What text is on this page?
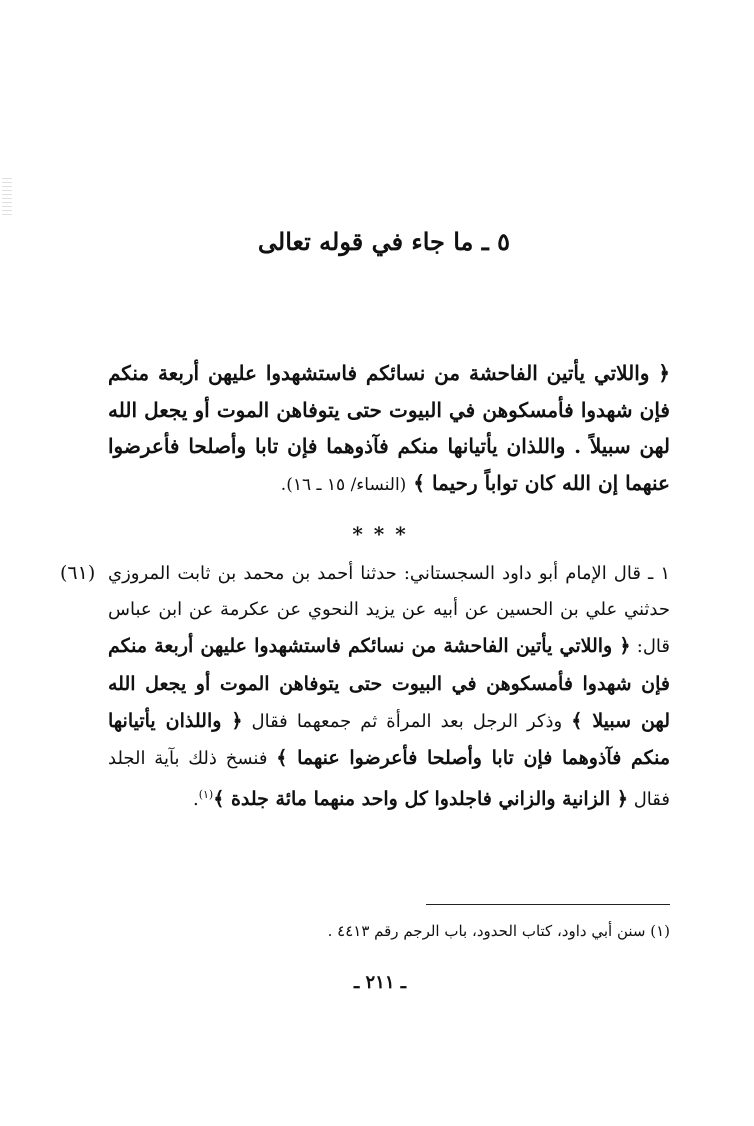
٥ ـ ما جاء في قوله تعالى
﴿ واللاتي يأتين الفاحشة من نسائكم فاستشهدوا عليهن أربعة منكم فإن شهدوا فأمسكوهن في البيوت حتى يتوفاهن الموت أو يجعل الله لهن سبيلاً . واللذان يأتيانها منكم فآذوهما فإن تابا وأصلحا فأعرضوا عنهما إن الله كان تواباً رحيما ﴾ (النساء/ ١٥ ـ ١٦).
* * *
(٦١) ١ ـ قال الإمام أبو داود السجستاني: حدثنا أحمد بن محمد بن ثابت المروزي حدثني علي بن الحسين عن أبيه عن يزيد النحوي عن عكرمة عن ابن عباس قال: ﴿ واللاتي يأتين الفاحشة من نسائكم فاستشهدوا عليهن أربعة منكم فإن شهدوا فأمسكوهن في البيوت حتى يتوفاهن الموت أو يجعل الله لهن سبيلا ﴾ وذكر الرجل بعد المرأة ثم جمعهما فقال ﴿ واللذان يأتيانها منكم فآذوهما فإن تابا وأصلحا فأعرضوا عنهما ﴾ فنسخ ذلك بآية الجلد فقال ﴿ الزانية والزاني فاجلدوا كل واحد منهما مائة جلدة ﴾$^{(١)}$.
(١) سنن أبي داود، كتاب الحدود، باب الرجم رقم ٤٤١٣ .
ـ ٢١١ ـ
